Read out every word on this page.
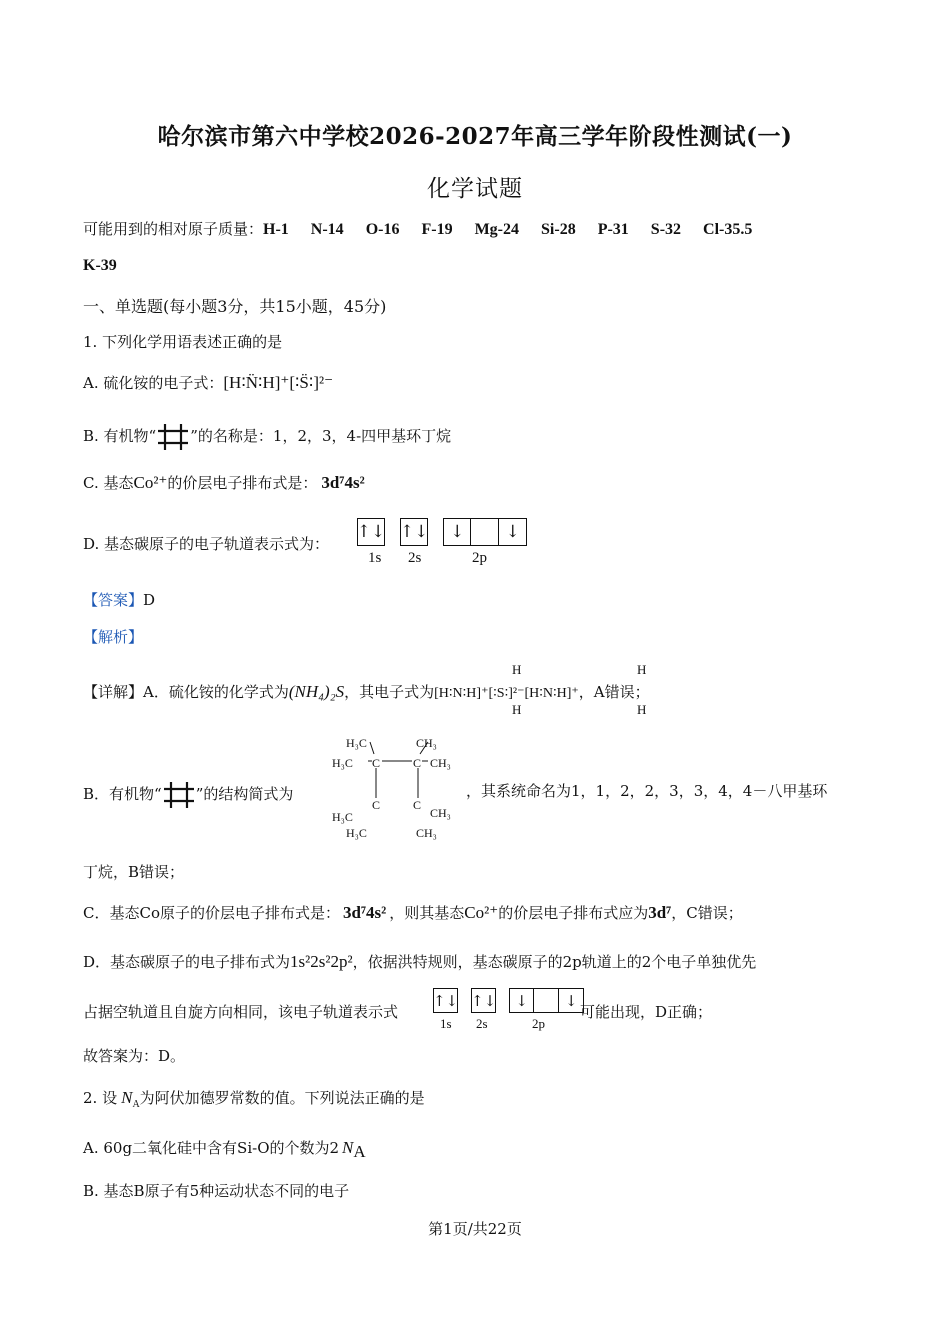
哈尔滨市第六中学校2026-2027年高三学年阶段性测试(一)
化学试题
可能用到的相对原子质量：H-1 N-14 O-16 F-19 Mg-24 Si-28 P-31 S-32 Cl-35.5
K-39
一、单选题(每小题3分，共15小题，45分)
1. 下列化学用语表述正确的是
A. 硫化铵的电子式：[H∶N̈∶H]⁺[∶S̈∶]²⁻
B. 有机物“ ”的名称是：1，2，3，4-四甲基环丁烷
C. 基态Co²⁺的价层电子排布式是： 3d⁷4s²
D. 基态碳原子的电子轨道表示式为：
↑↓
↑↓
	↓	↓
1s 2s	2p
【答案】D
【解析】
【详解】A．硫化铵的化学式为(NH₄)₂S，其电子式为[H∶N∶H]⁺[∶S∶]²⁻[H∶N∶H]⁺，A错误；
H
H
H
H
B．有机物“ ”的结构简式为
H₃C	CH₃
H₃C C	C CH₃
C	C
H₃C	CH₃
H₃C	CH₃
，其系统命名为1，1，2，2，3，3，4，4－八甲基环
丁烷，B错误；
C．基态Co原子的价层电子排布式是： 3d⁷4s² ，则其基态Co²⁺的价层电子排布式应为3d⁷，C错误；
D．基态碳原子的电子排布式为1s²2s²2p²，依据洪特规则，基态碳原子的2p轨道上的2个电子单独优先
占据空轨道且自旋方向相同，该电子轨道表示式
↑↓
↑↓
	↓	↓
1s 2s	2p
可能出现，D正确；
故答案为：D。
2. 设 $N_A$为阿伏加德罗常数的值。下列说法正确的是
A. 60g二氧化硅中含有Si-O的个数为2 $N_A$
B. 基态B原子有5种运动状态不同的电子
第1页/共22页
